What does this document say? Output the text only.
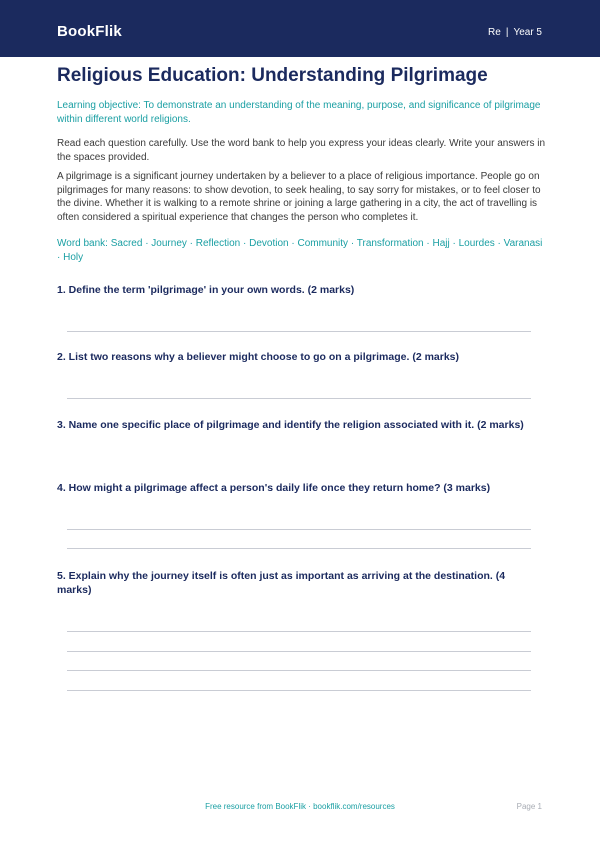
BookFlik	Re | Year 5
Religious Education: Understanding Pilgrimage

Learning objective: To demonstrate an understanding of the meaning, purpose, and significance of pilgrimage within different world religions.

Read each question carefully. Use the word bank to help you express your ideas clearly. Write your answers in the spaces provided.

A pilgrimage is a significant journey undertaken by a believer to a place of religious importance. People go on pilgrimages for many reasons: to show devotion, to seek healing, to say sorry for mistakes, or to feel closer to the divine. Whether it is walking to a remote shrine or joining a large gathering in a city, the act of travelling is often considered a spiritual experience that changes the person who completes it.

Word bank: Sacred · Journey · Reflection · Devotion · Community · Transformation · Hajj · Lourdes · Varanasi · Holy

1. Define the term 'pilgrimage' in your own words. (2 marks)

2. List two reasons why a believer might choose to go on a pilgrimage. (2 marks)

3. Name one specific place of pilgrimage and identify the religion associated with it. (2 marks)

4. How might a pilgrimage affect a person's daily life once they return home? (3 marks)

5. Explain why the journey itself is often just as important as arriving at the destination. (4 marks)

Free resource from BookFlik · bookflik.com/resources	Page 1
